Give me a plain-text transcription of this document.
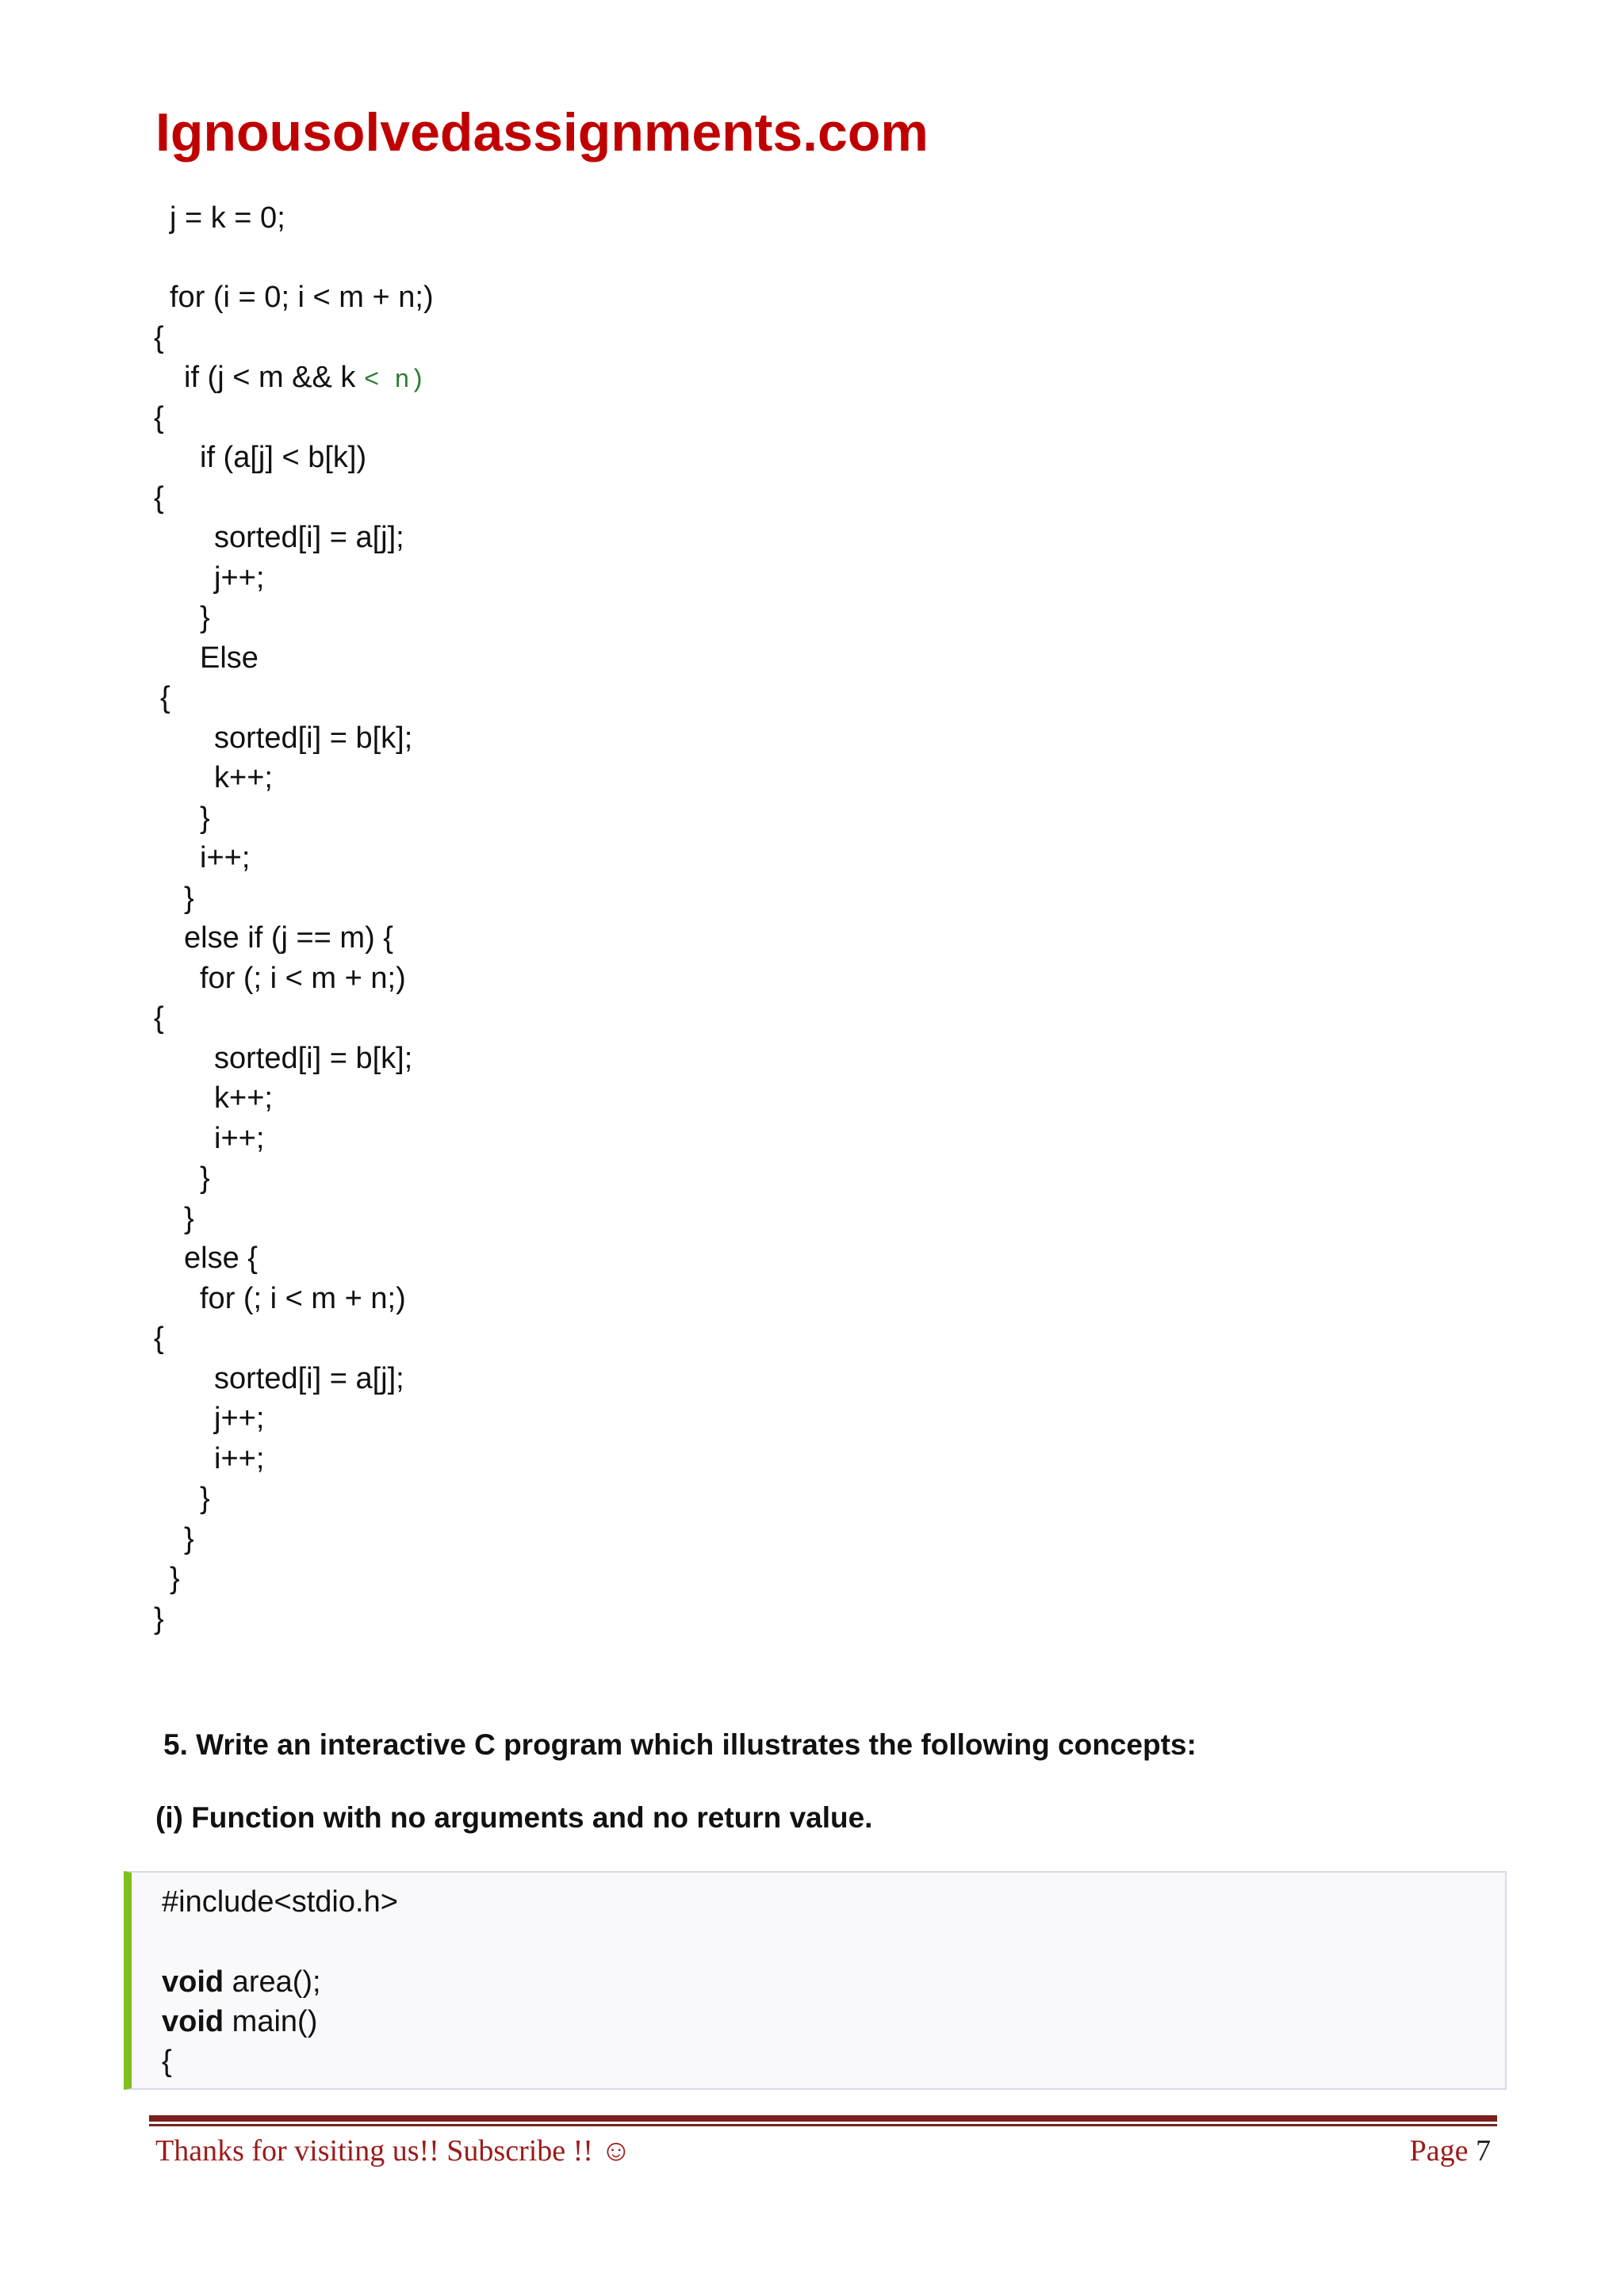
Ignousolvedassignments.com
j = k = 0;
for (i = 0; i < m + n;)
{
if (j < m && k < n)
{
if (a[j] < b[k])
{
sorted[i] = a[j];
j++;
}
Else
{
sorted[i] = b[k];
k++;
}
i++;
}
else if (j == m) {
for (; i < m + n;)
{
sorted[i] = b[k];
k++;
i++;
}
}
else {
for (; i < m + n;)
{
sorted[i] = a[j];
j++;
i++;
}
}
}
}

5. Write an interactive C program which illustrates the following concepts:

(i) Function with no arguments and no return value.

#include<stdio.h>
void area();
void main()
{
Thanks for visiting us!! Subscribe !! ☺	Page 7
